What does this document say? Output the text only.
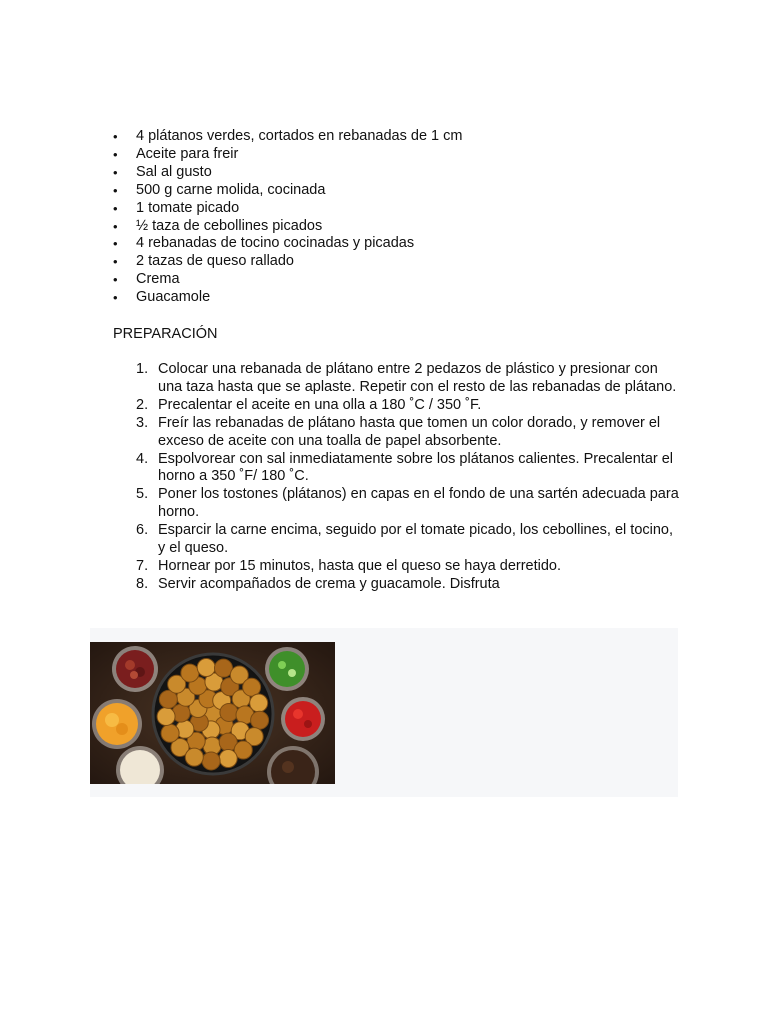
• 4 plátanos verdes, cortados en rebanadas de 1 cm
• Aceite para freir
• Sal al gusto
• 500 g carne molida, cocinada
• 1 tomate picado
• ½ taza de cebollines picados
• 4 rebanadas de tocino cocinadas y picadas
• 2 tazas de queso rallado
• Crema
• Guacamole
PREPARACIÓN
1. Colocar una rebanada de plátano entre 2 pedazos de plástico y presionar con una taza hasta que se aplaste. Repetir con el resto de las rebanadas de plátano.
2. Precalentar el aceite en una olla a 180 ˚C / 350 ˚F.
3. Freír las rebanadas de plátano hasta que tomen un color dorado, y remover el exceso de aceite con una toalla de papel absorbente.
4. Espolvorear con sal inmediatamente sobre los plátanos calientes. Precalentar el horno a 350 ˚F/ 180 ˚C.
5. Poner los tostones (plátanos) en capas en el fondo de una sartén adecuada para horno.
6. Esparcir la carne encima, seguido por el tomate picado, los cebollines, el tocino, y el queso.
7. Hornear por 15 minutos, hasta que el queso se haya derretido.
8. Servir acompañados de crema y guacamole. Disfruta
